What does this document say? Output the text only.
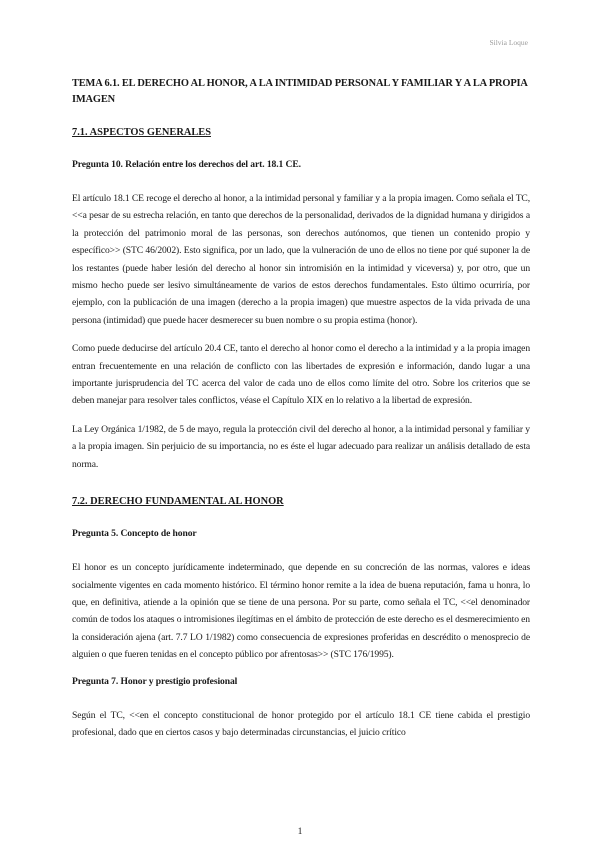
Silvia Loque
TEMA 6.1. EL DERECHO AL HONOR, A LA INTIMIDAD PERSONAL Y FAMILIAR Y A LA PROPIA IMAGEN
7.1. ASPECTOS GENERALES
Pregunta 10. Relación entre los derechos del art. 18.1 CE.

El artículo 18.1 CE recoge el derecho al honor, a la intimidad personal y familiar y a la propia imagen. Como señala el TC, <<a pesar de su estrecha relación, en tanto que derechos de la personalidad, derivados de la dignidad humana y dirigidos a la protección del patrimonio moral de las personas, son derechos autónomos, que tienen un contenido propio y específico>> (STC 46/2002). Esto significa, por un lado, que la vulneración de uno de ellos no tiene por qué suponer la de los restantes (puede haber lesión del derecho al honor sin intromisión en la intimidad y viceversa) y, por otro, que un mismo hecho puede ser lesivo simultáneamente de varios de estos derechos fundamentales. Esto último ocurriría, por ejemplo, con la publicación de una imagen (derecho a la propia imagen) que muestre aspectos de la vida privada de una persona (intimidad) que puede hacer desmerecer su buen nombre o su propia estima (honor).

Como puede deducirse del artículo 20.4 CE, tanto el derecho al honor como el derecho a la intimidad y a la propia imagen entran frecuentemente en una relación de conflicto con las libertades de expresión e información, dando lugar a una importante jurisprudencia del TC acerca del valor de cada uno de ellos como límite del otro. Sobre los criterios que se deben manejar para resolver tales conflictos, véase el Capítulo XIX en lo relativo a la libertad de expresión.

La Ley Orgánica 1/1982, de 5 de mayo, regula la protección civil del derecho al honor, a la intimidad personal y familiar y a la propia imagen. Sin perjuicio de su importancia, no es éste el lugar adecuado para realizar un análisis detallado de esta norma.

7.2. DERECHO FUNDAMENTAL AL HONOR
Pregunta 5. Concepto de honor

El honor es un concepto jurídicamente indeterminado, que depende en su concreción de las normas, valores e ideas socialmente vigentes en cada momento histórico. El término honor remite a la idea de buena reputación, fama u honra, lo que, en definitiva, atiende a la opinión que se tiene de una persona. Por su parte, como señala el TC, <<el denominador común de todos los ataques o intromisiones ilegítimas en el ámbito de protección de este derecho es el desmerecimiento en la consideración ajena (art. 7.7 LO 1/1982) como consecuencia de expresiones proferidas en descrédito o menosprecio de alguien o que fueren tenidas en el concepto público por afrentosas>> (STC 176/1995).

Pregunta 7. Honor y prestigio profesional

Según el TC, <<en el concepto constitucional de honor protegido por el artículo 18.1 CE tiene cabida el prestigio profesional, dado que en ciertos casos y bajo determinadas circunstancias, el juicio crítico

1
